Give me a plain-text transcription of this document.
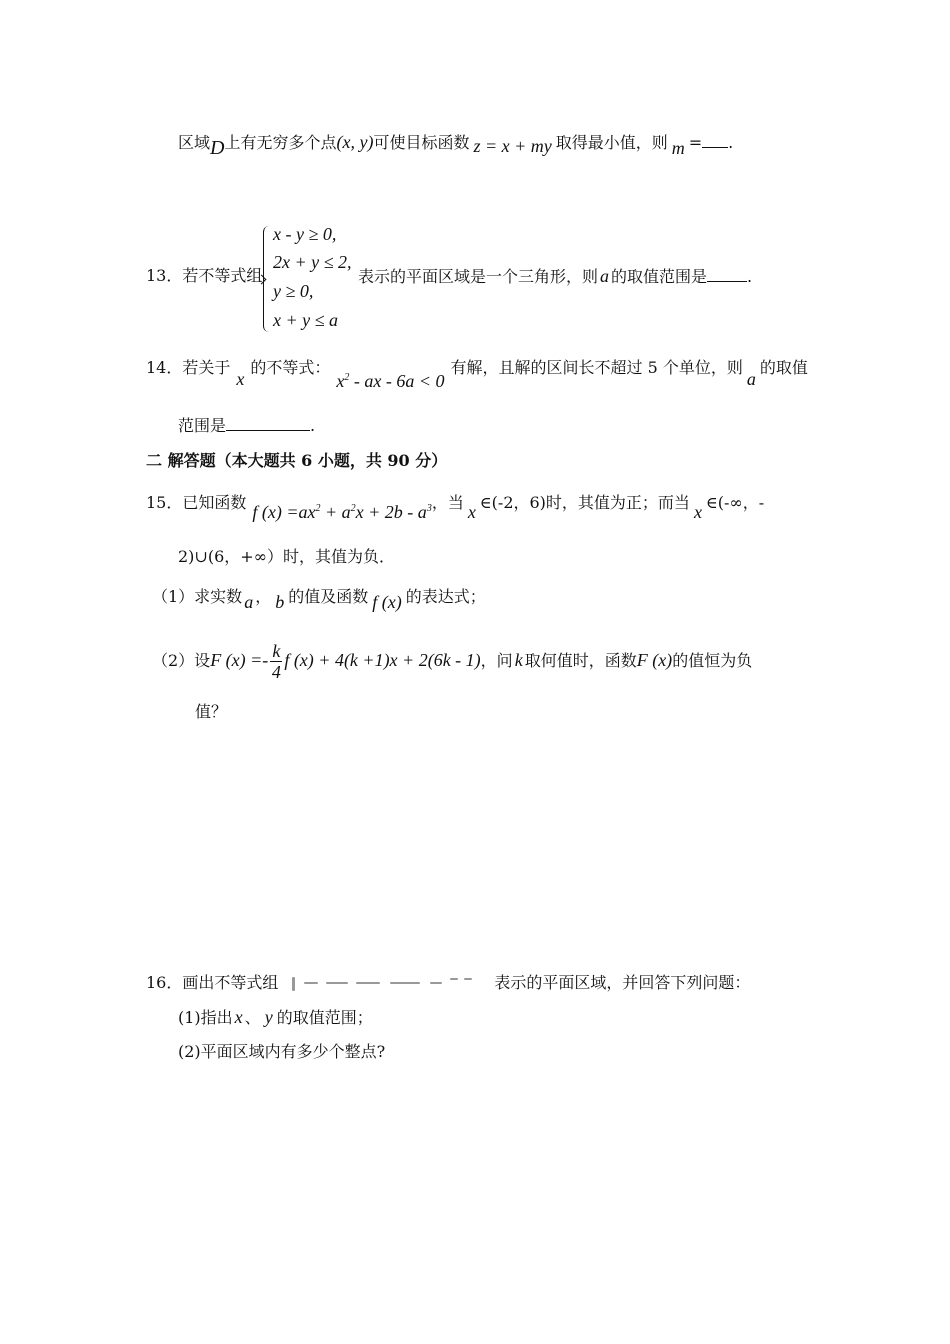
区域D上有无穷多个点(x, y)可使目标函数 z = x + my 取得最小值，则 m = .
13．若不等式组
x - y ≥ 0,
2x + y ≤ 2,
y ≥ 0,
x + y ≤ a
表示的平面区域是一个三角形，则 a 的取值范围是	.
14．若关于x的不等式：$x^2$ - ax - 6a < 0有解，且解的区间长不超过 5 个单位，则a的取值
范围是	.
二 解答题（本大题共 6 小题，共 90 分）
15．已知函数 f $(x) =ax^2 + a^2x + 2b - a^3$，当 x ∈(-2，6)时，其值为正；而当 x ∈(-∞，-
2)∪(6，+∞）时，其值为负．
（1）求实数 a ， b 的值及函数 f (x) 的表达式；
（2）设F $(x) =- \frac{k}{4}$ f (x) + 4(k +1)x + 2(6k - 1)，问 k 取何值时，函数F (x)的值恒为负
值？
16．画出不等式组	表示的平面区域，并回答下列问题：
(1)指出 x 、 y 的取值范围；
(2)平面区域内有多少个整点?
